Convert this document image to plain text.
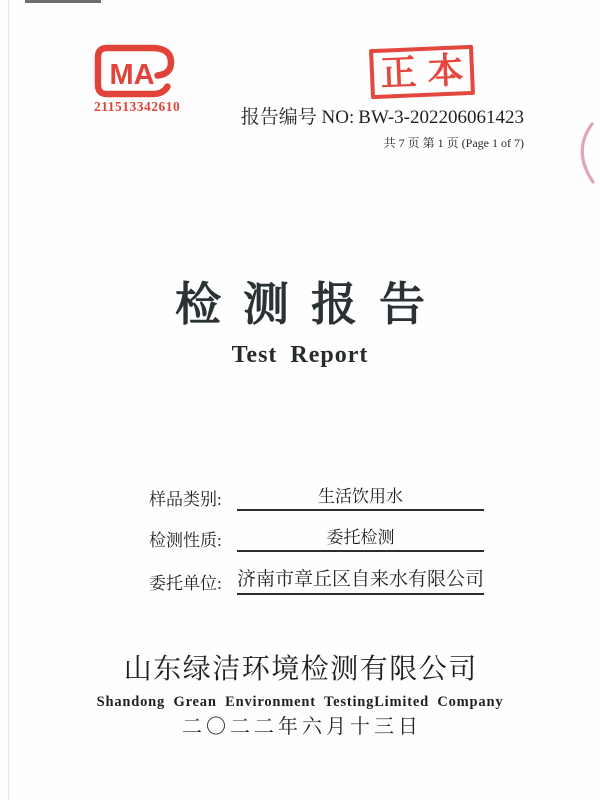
MA
211513342610
正本
报告编号 NO: BW-3-202206061423
共 7 页 第 1 页 (Page 1 of 7)
检测报告
Test Report
样品类别:	生活饮用水
检测性质:	委托检测
委托单位: 济南市章丘区自来水有限公司
山东绿洁环境检测有限公司
Shandong Grean Environment TestingLimited Company
二〇二二年六月十三日
